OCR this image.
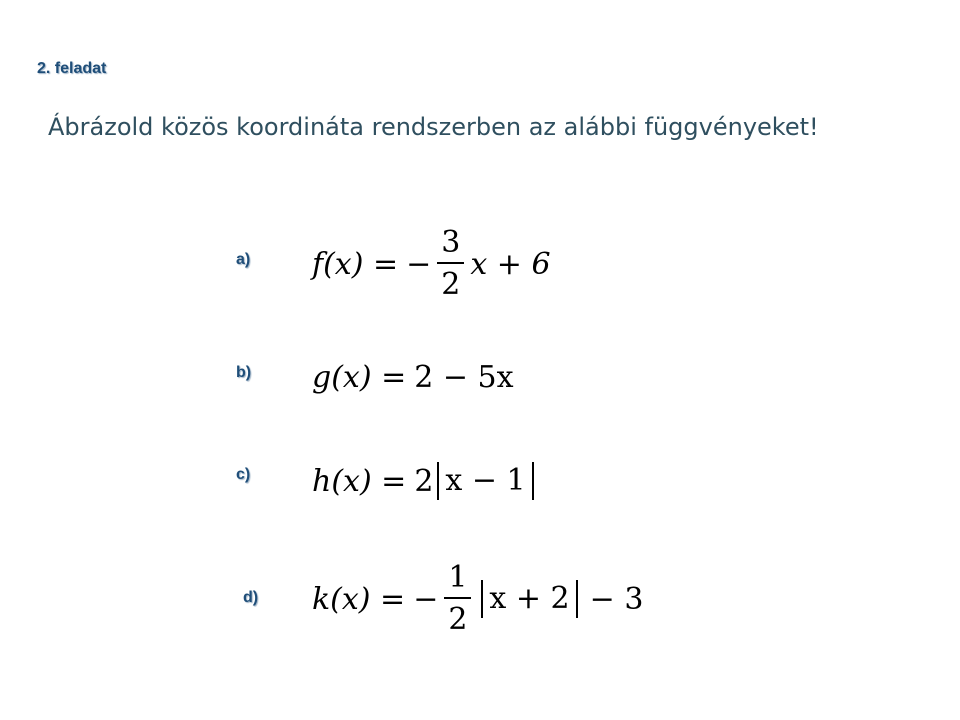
2. feladat
Ábrázold közös koordináta rendszerben az alábbi függvényeket!
a) f(x) = − $\frac{3}{2}$ x + 6
b) g(x) = 2 − 5x
c) h(x) = 2 x − 1
d) k(x) = − $\frac{1}{2}$ x + 2 − 3
